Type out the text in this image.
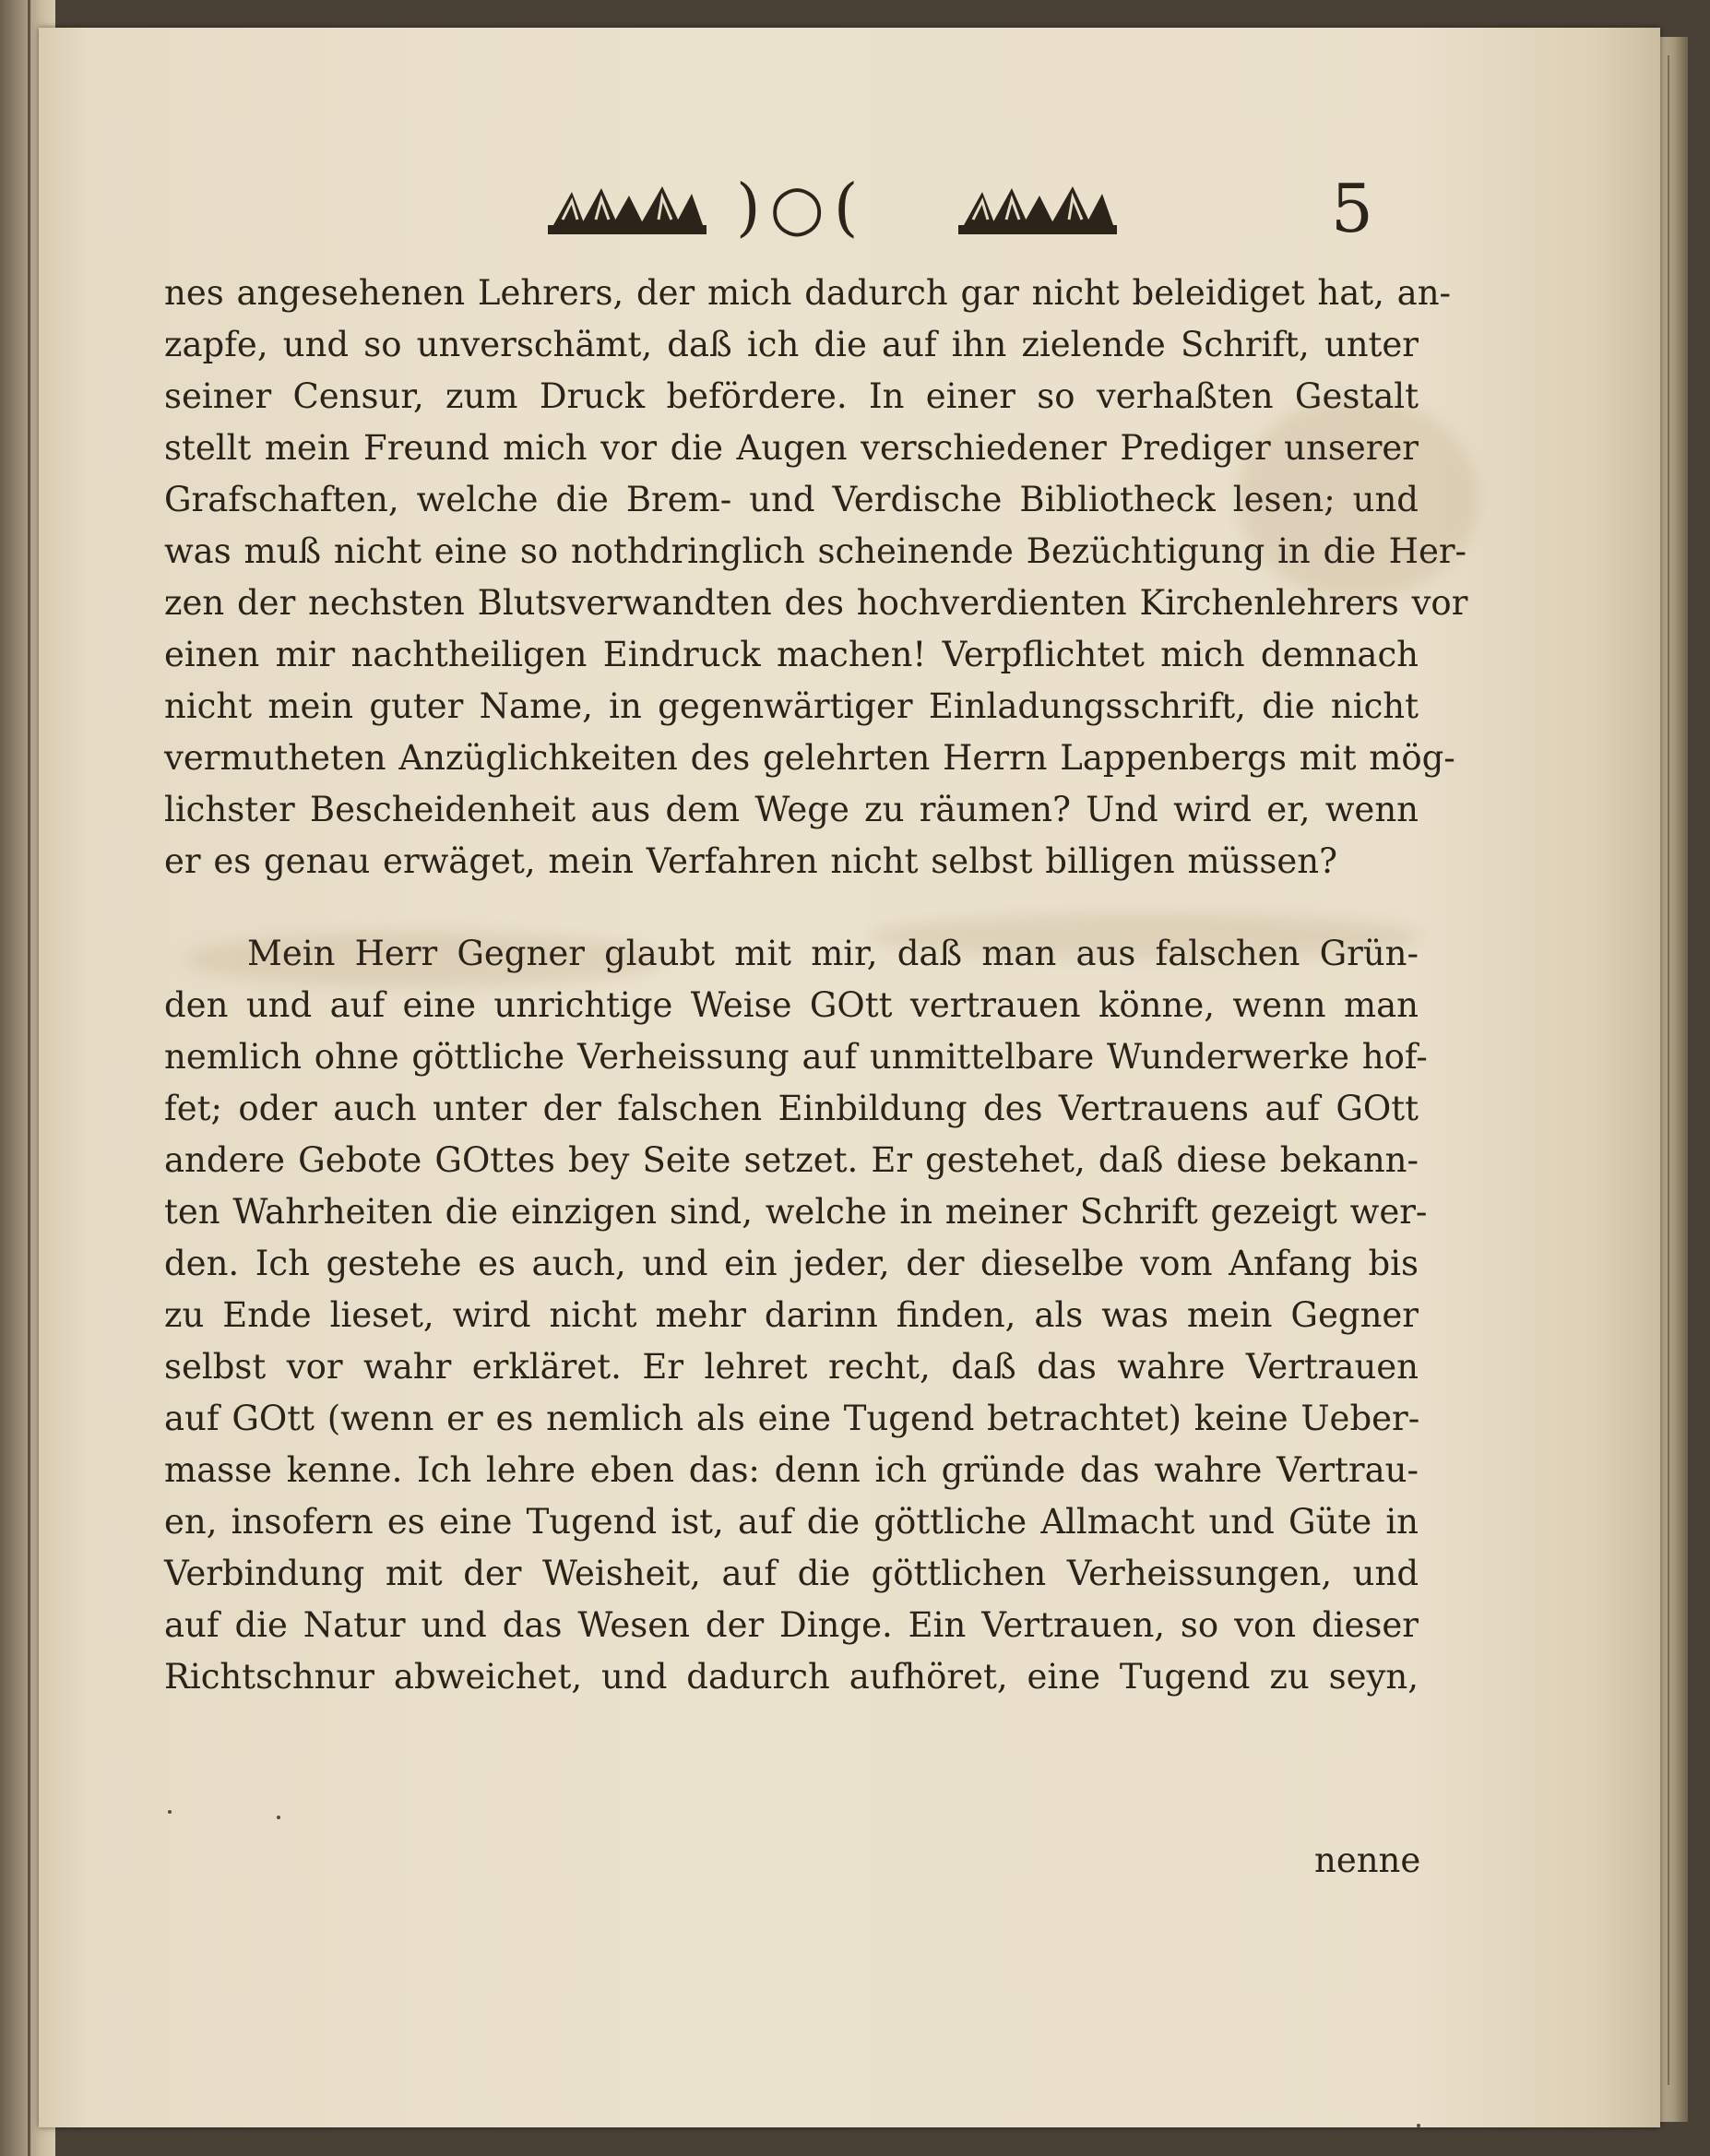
)○(	5
nes angesehenen Lehrers, der mich dadurch gar nicht beleidiget hat, an-
zapfe, und so unverschämt, daß ich die auf ihn zielende Schrift, unter
seiner Censur, zum Druck befördere. In einer so verhaßten Gestalt
stellt mein Freund mich vor die Augen verschiedener Prediger unserer
Grafschaften, welche die Brem- und Verdische Bibliotheck lesen; und
was muß nicht eine so nothdringlich scheinende Bezüchtigung in die Her-
zen der nechsten Blutsverwandten des hochverdienten Kirchenlehrers vor
einen mir nachtheiligen Eindruck machen! Verpflichtet mich demnach
nicht mein guter Name, in gegenwärtiger Einladungsschrift, die nicht
vermutheten Anzüglichkeiten des gelehrten Herrn Lappenbergs mit mög-
lichster Bescheidenheit aus dem Wege zu räumen? Und wird er, wenn
er es genau erwäget, mein Verfahren nicht selbst billigen müssen?
Mein Herr Gegner glaubt mit mir, daß man aus falschen Grün-
den und auf eine unrichtige Weise GOtt vertrauen könne, wenn man
nemlich ohne göttliche Verheissung auf unmittelbare Wunderwerke hof-
fet; oder auch unter der falschen Einbildung des Vertrauens auf GOtt
andere Gebote GOttes bey Seite setzet. Er gestehet, daß diese bekann-
ten Wahrheiten die einzigen sind, welche in meiner Schrift gezeigt wer-
den. Ich gestehe es auch, und ein jeder, der dieselbe vom Anfang bis
zu Ende lieset, wird nicht mehr darinn finden, als was mein Gegner
selbst vor wahr erkläret. Er lehret recht, daß das wahre Vertrauen
auf GOtt (wenn er es nemlich als eine Tugend betrachtet) keine Ueber-
masse kenne. Ich lehre eben das: denn ich gründe das wahre Vertrau-
en, insofern es eine Tugend ist, auf die göttliche Allmacht und Güte in
Verbindung mit der Weisheit, auf die göttlichen Verheissungen, und
auf die Natur und das Wesen der Dinge. Ein Vertrauen, so von dieser
Richtschnur abweichet, und dadurch aufhöret, eine Tugend zu seyn,
nenne
